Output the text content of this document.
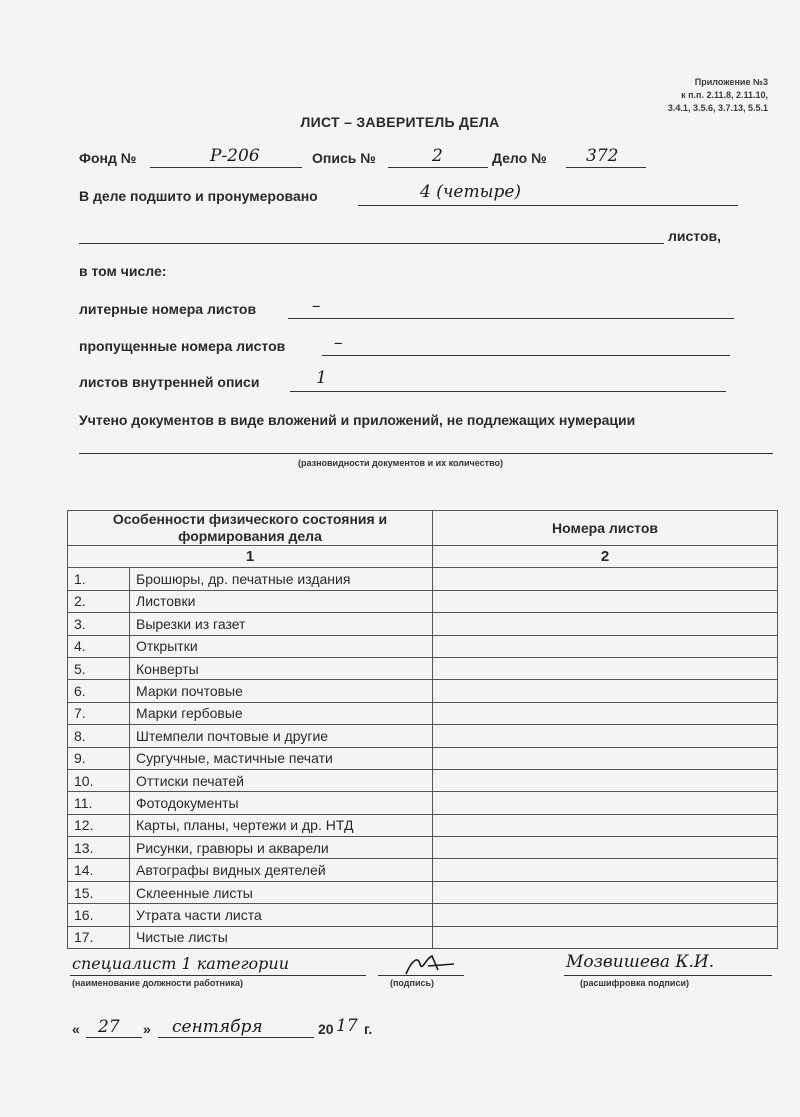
Приложение №3
к п.п. 2.11.8, 2.11.10,
3.4.1, 3.5.6, 3.7.13, 5.5.1
ЛИСТ – ЗАВЕРИТЕЛЬ ДЕЛА
Фонд №	Р-206	Опись №	2	Дело № 372
В деле подшито и пронумеровано	4 (четыре)
листов,
в том числе:
литерные номера листов	–
пропущенные номера листов	–
листов внутренней описи	1
Учтено документов в виде вложений и приложений, не подлежащих нумерации
(разновидности документов и их количество)
Особенности физического состояния и формирования дела		Номера листов
1		2
1.	Брошюры, др. печатные издания	
2.	Листовки	
3.	Вырезки из газет	
4.	Открытки	
5.	Конверты	
6.	Марки почтовые	
7.	Марки гербовые	
8.	Штемпели почтовые и другие	
9.	Сургучные, мастичные печати	
10.	Оттиски печатей	
11.	Фотодокументы	
12.	Карты, планы, чертежи и др. НТД	
13.	Рисунки, гравюры и акварели	
14.	Автографы видных деятелей	
15.	Склеенные листы	
16.	Утрата части листа	
17.	Чистые листы	
специалист 1 категории
(наименование должности работника)	(подпись)
Мозвишева К.И.
(расшифровка подписи)
« 27 » сентября	20 17 г.
